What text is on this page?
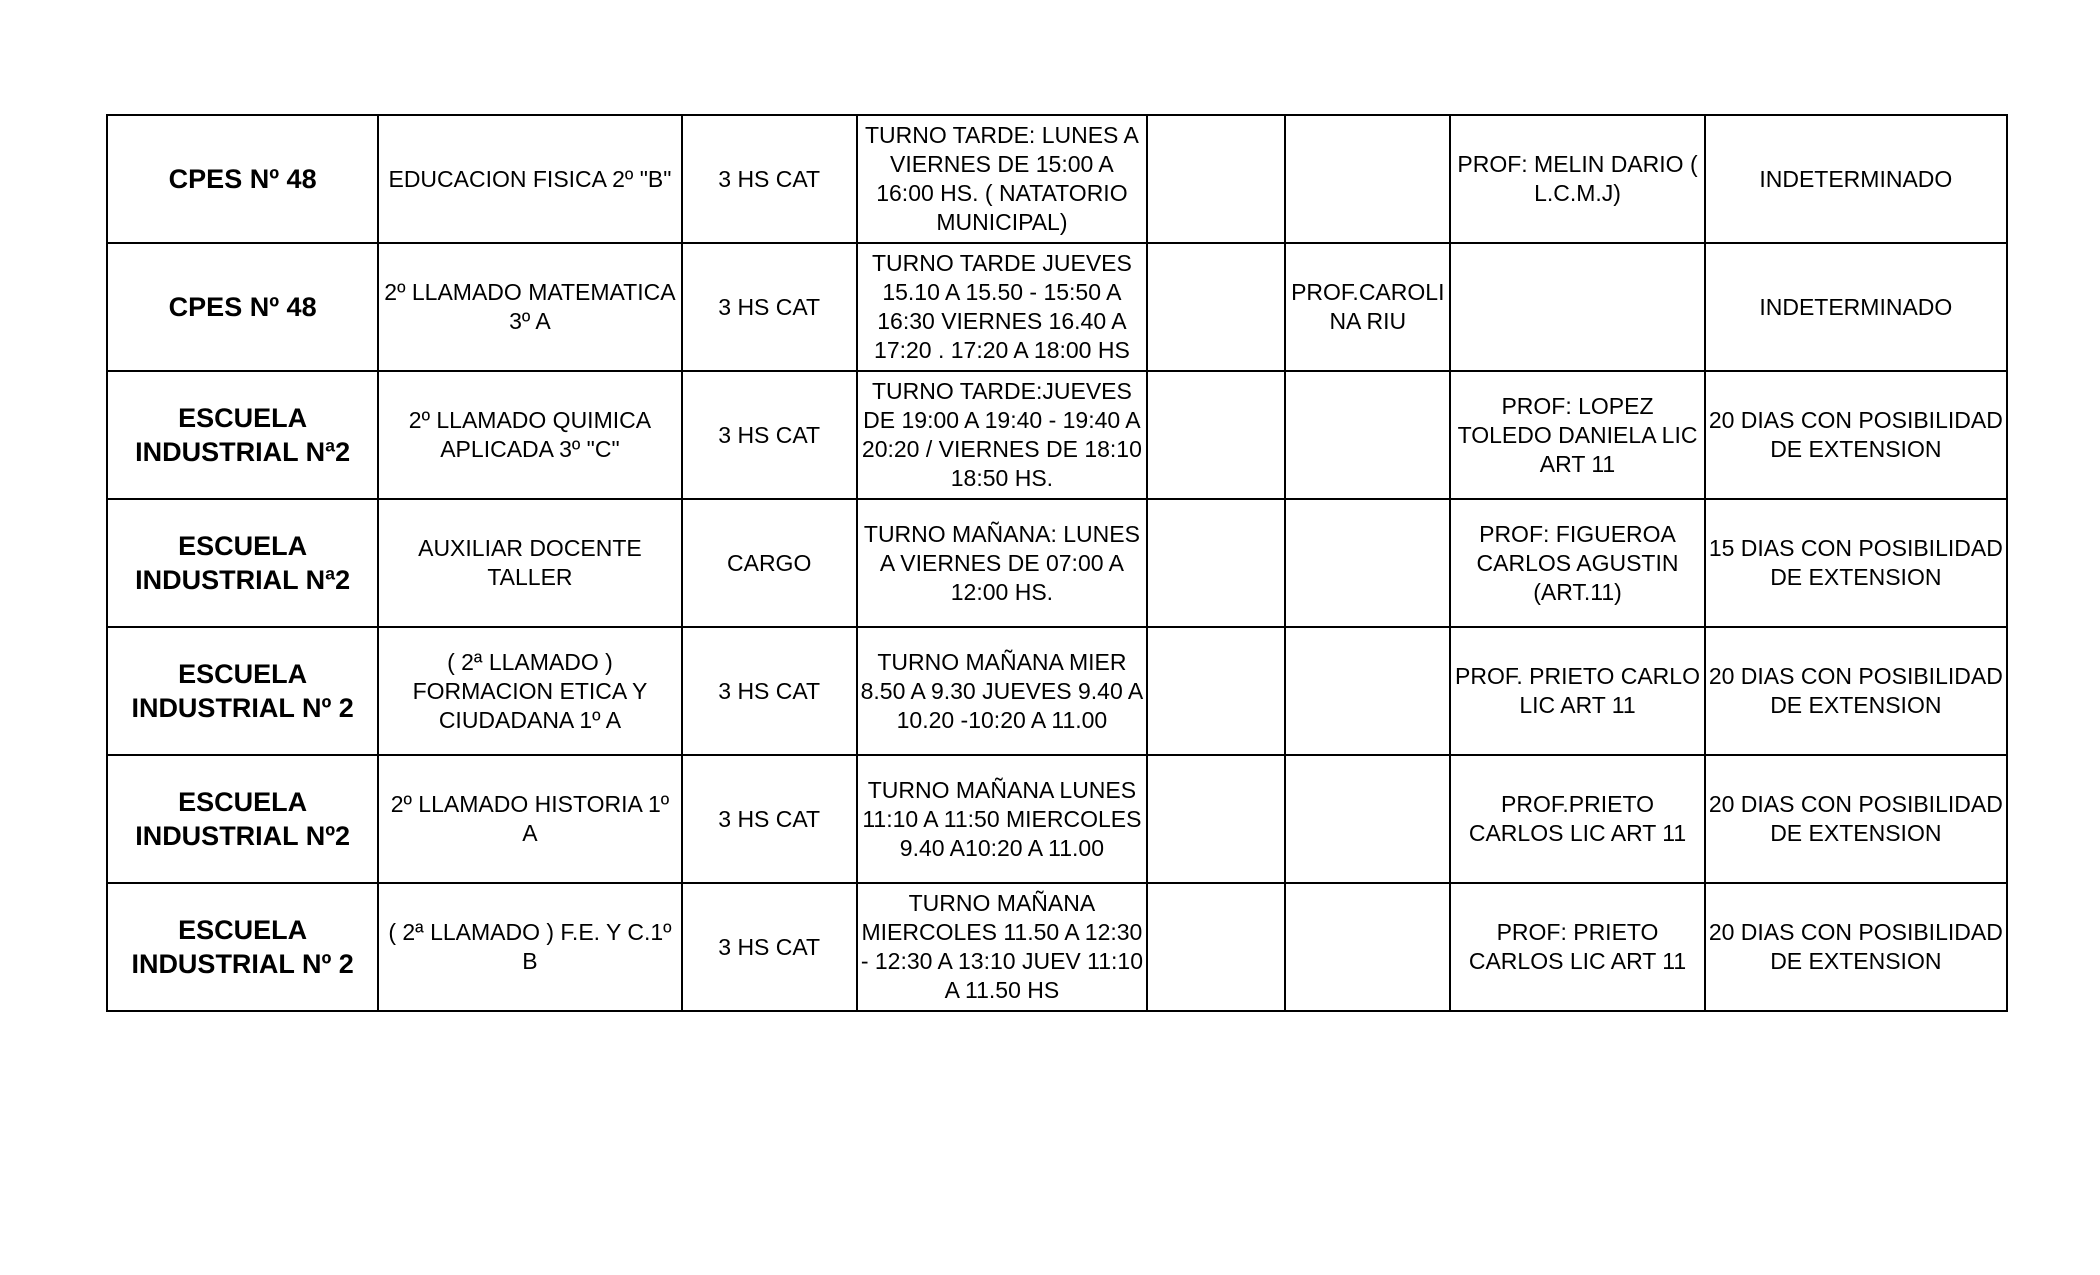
CPES Nº 48	EDUCACION FISICA 2º "B"	3 HS CAT	TURNO TARDE: LUNES A VIERNES DE 15:00 A 16:00 HS. ( NATATORIO MUNICIPAL)			PROF: MELIN DARIO ( L.C.M.J)	INDETERMINADO
CPES Nº 48	2º LLAMADO MATEMATICA 3º A	3 HS CAT	TURNO TARDE JUEVES 15.10 A 15.50 - 15:50 A 16:30 VIERNES 16.40 A 17:20 . 17:20 A 18:00 HS		PROF.CAROLINA RIU		INDETERMINADO
ESCUELA INDUSTRIAL Nª2	2º LLAMADO QUIMICA APLICADA 3º "C"	3 HS CAT	TURNO TARDE:JUEVES DE 19:00 A 19:40 - 19:40 A 20:20 / VIERNES DE 18:10 18:50 HS.			PROF: LOPEZ TOLEDO DANIELA LIC ART 11	20 DIAS CON POSIBILIDAD DE EXTENSION
ESCUELA INDUSTRIAL Nª2	AUXILIAR DOCENTE TALLER	CARGO	TURNO MAÑANA: LUNES A VIERNES DE 07:00 A 12:00 HS.			PROF: FIGUEROA CARLOS AGUSTIN (ART.11)	15 DIAS CON POSIBILIDAD DE EXTENSION
ESCUELA INDUSTRIAL Nº 2	( 2ª LLAMADO ) FORMACION ETICA Y CIUDADANA 1º A	3 HS CAT	TURNO MAÑANA MIER 8.50 A 9.30 JUEVES 9.40 A 10.20 -10:20 A 11.00			PROF. PRIETO CARLO LIC ART 11	20 DIAS CON POSIBILIDAD DE EXTENSION
ESCUELA INDUSTRIAL Nº2	2º LLAMADO HISTORIA 1º A	3 HS CAT	TURNO MAÑANA LUNES 11:10 A 11:50 MIERCOLES 9.40 A10:20 A 11.00			PROF.PRIETO CARLOS LIC ART 11	20 DIAS CON POSIBILIDAD DE EXTENSION
ESCUELA INDUSTRIAL Nº 2	( 2ª LLAMADO ) F.E. Y C.1º B	3 HS CAT	TURNO MAÑANA MIERCOLES 11.50 A 12:30 - 12:30 A 13:10 JUEV 11:10 A 11.50 HS			PROF: PRIETO CARLOS LIC ART 11	20 DIAS CON POSIBILIDAD DE EXTENSION
